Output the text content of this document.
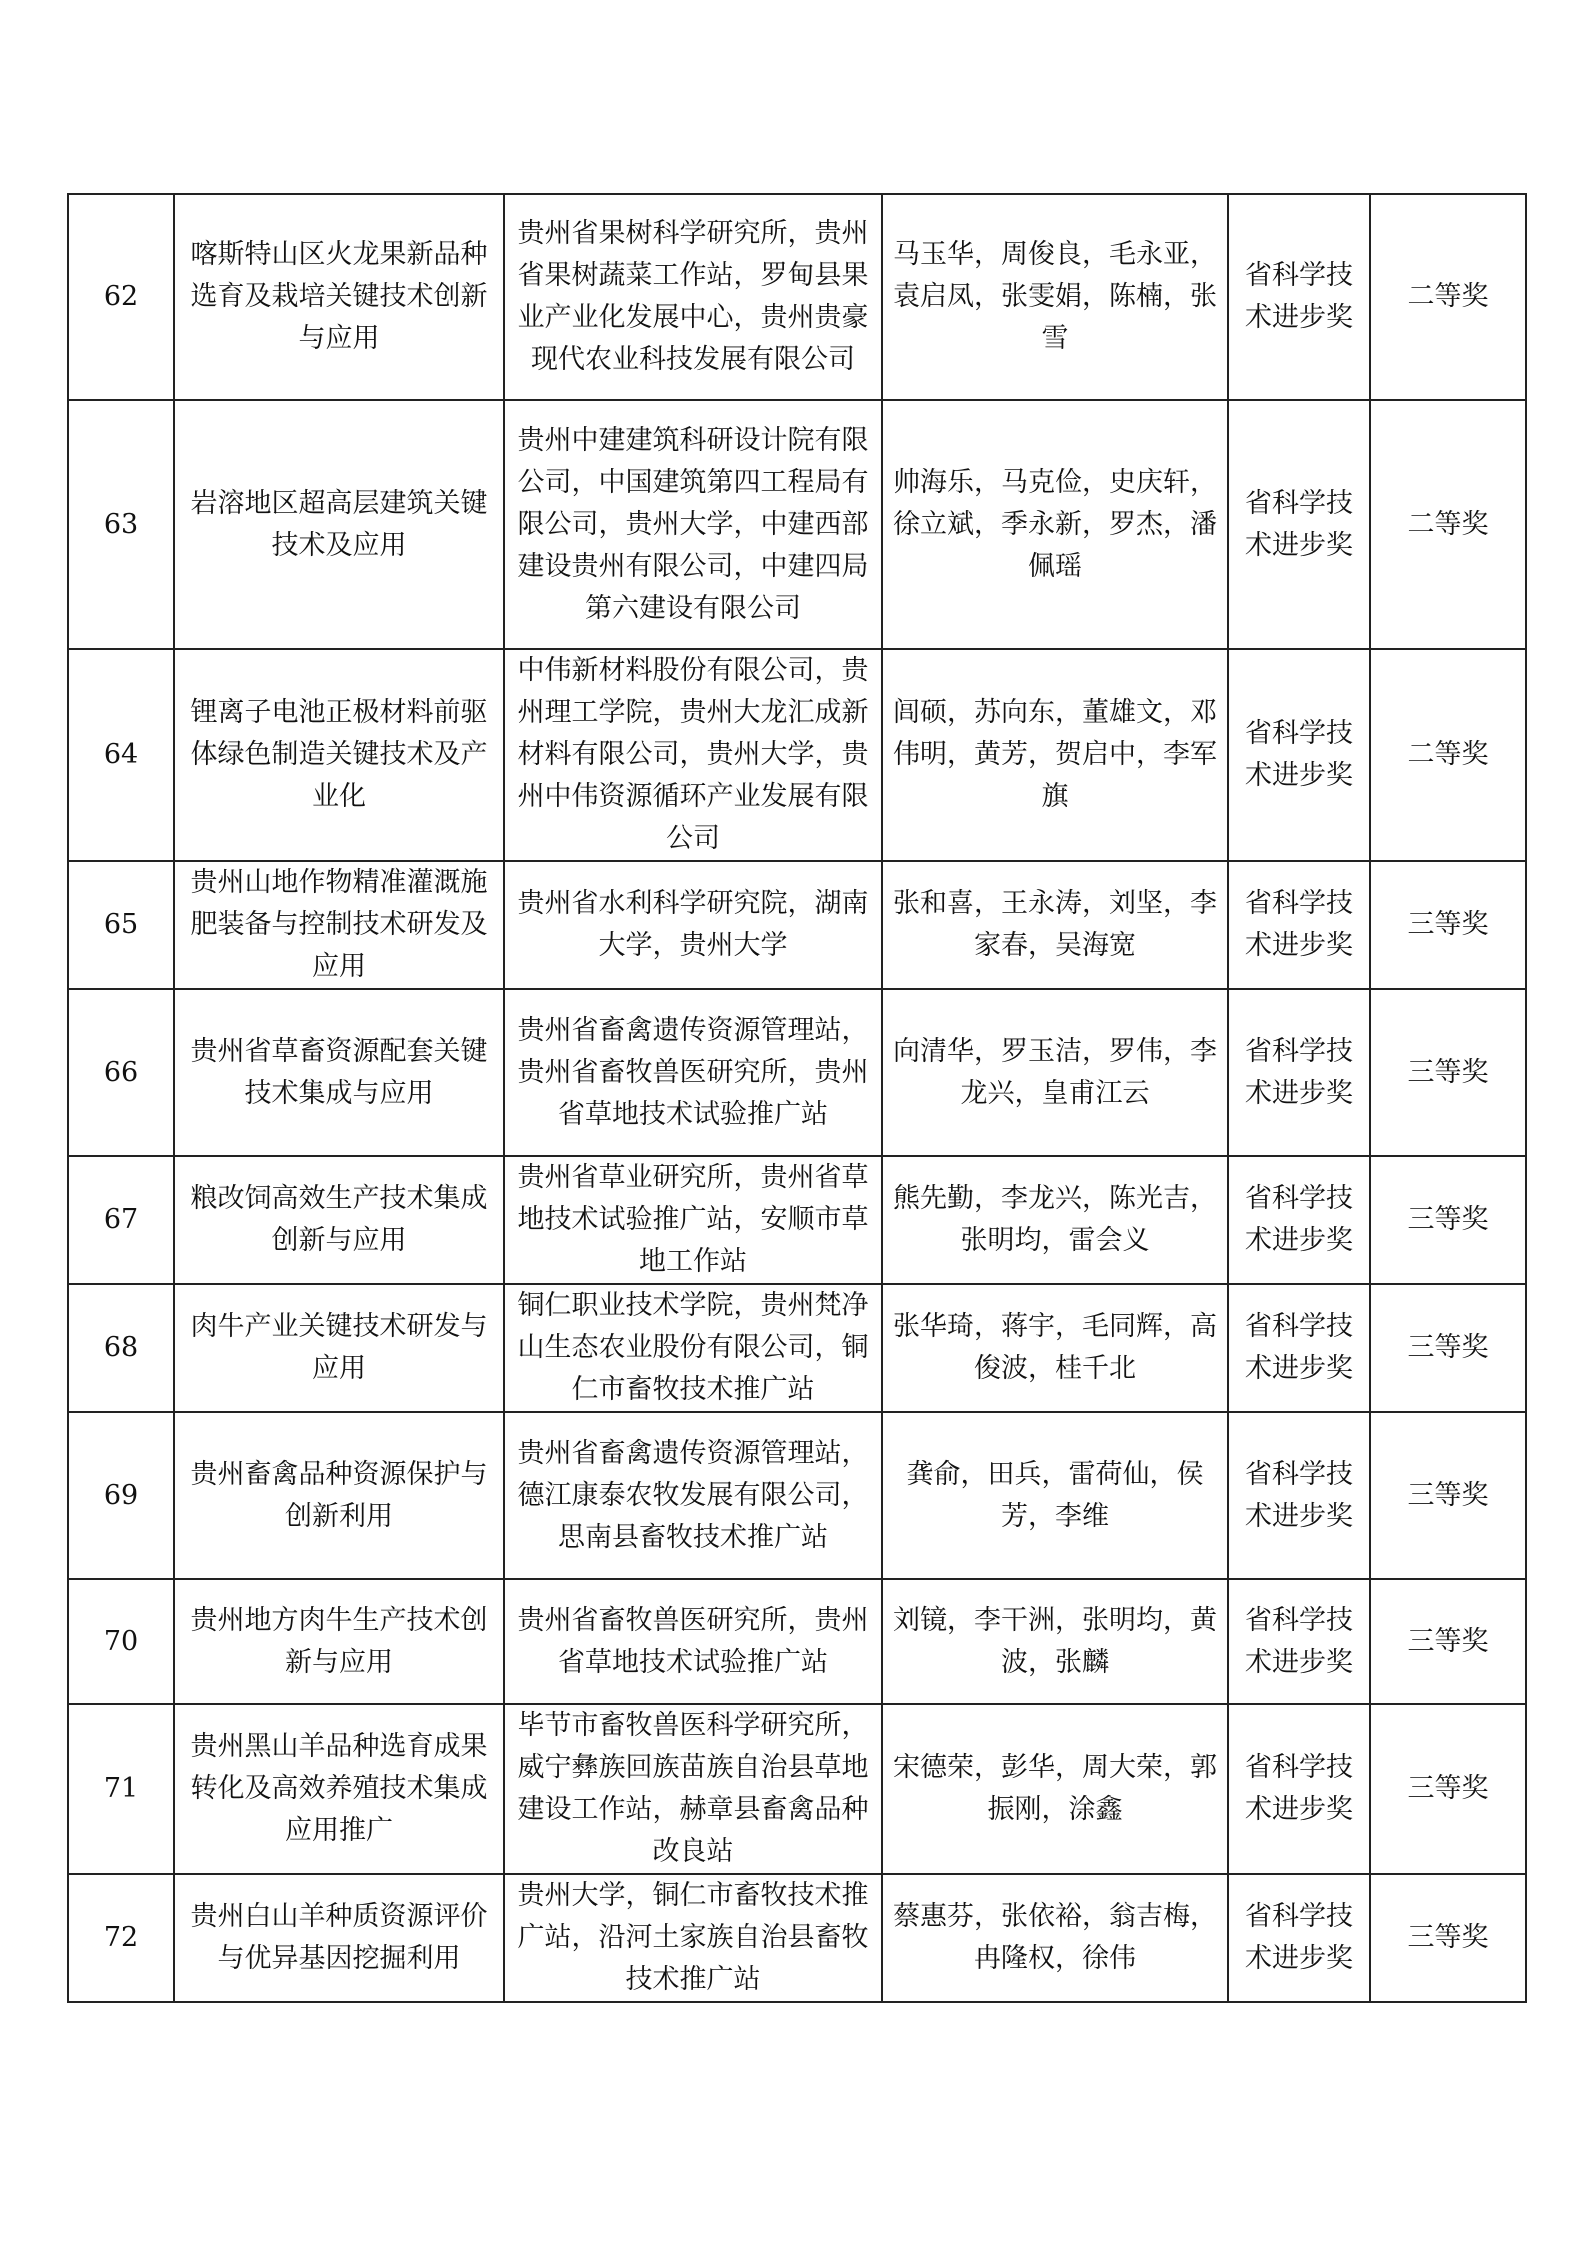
62	喀斯特山区火龙果新品种选育及栽培关键技术创新与应用	贵州省果树科学研究所，贵州省果树蔬菜工作站，罗甸县果业产业化发展中心，贵州贵豪现代农业科技发展有限公司	马玉华，周俊良，毛永亚，袁启凤，张雯娟，陈楠，张雪	省科学技术进步奖	二等奖
63	岩溶地区超高层建筑关键技术及应用	贵州中建建筑科研设计院有限公司，中国建筑第四工程局有限公司，贵州大学，中建西部建设贵州有限公司，中建四局第六建设有限公司	帅海乐，马克俭，史庆轩，徐立斌，季永新，罗杰，潘佩瑶	省科学技术进步奖	二等奖
64	锂离子电池正极材料前驱体绿色制造关键技术及产业化	中伟新材料股份有限公司，贵州理工学院，贵州大龙汇成新材料有限公司，贵州大学，贵州中伟资源循环产业发展有限公司	闾硕，苏向东，董雄文，邓伟明，黄芳，贺启中，李军旗	省科学技术进步奖	二等奖
65	贵州山地作物精准灌溉施肥装备与控制技术研发及应用	贵州省水利科学研究院，湖南大学，贵州大学	张和喜，王永涛，刘坚，李家春，吴海宽	省科学技术进步奖	三等奖
66	贵州省草畜资源配套关键技术集成与应用	贵州省畜禽遗传资源管理站，贵州省畜牧兽医研究所，贵州省草地技术试验推广站	向清华，罗玉洁，罗伟，李龙兴，皇甫江云	省科学技术进步奖	三等奖
67	粮改饲高效生产技术集成创新与应用	贵州省草业研究所，贵州省草地技术试验推广站，安顺市草地工作站	熊先勤，李龙兴，陈光吉，张明均，雷会义	省科学技术进步奖	三等奖
68	肉牛产业关键技术研发与应用	铜仁职业技术学院，贵州梵净山生态农业股份有限公司，铜仁市畜牧技术推广站	张华琦，蒋宇，毛同辉，高俊波，桂千北	省科学技术进步奖	三等奖
69	贵州畜禽品种资源保护与创新利用	贵州省畜禽遗传资源管理站，德江康泰农牧发展有限公司，思南县畜牧技术推广站	龚俞，田兵，雷荷仙，侯芳，李维	省科学技术进步奖	三等奖
70	贵州地方肉牛生产技术创新与应用	贵州省畜牧兽医研究所，贵州省草地技术试验推广站	刘镜，李干洲，张明均，黄波，张麟	省科学技术进步奖	三等奖
71	贵州黑山羊品种选育成果转化及高效养殖技术集成应用推广	毕节市畜牧兽医科学研究所，威宁彝族回族苗族自治县草地建设工作站，赫章县畜禽品种改良站	宋德荣，彭华，周大荣，郭振刚，涂鑫	省科学技术进步奖	三等奖
72	贵州白山羊种质资源评价与优异基因挖掘利用	贵州大学，铜仁市畜牧技术推广站，沿河土家族自治县畜牧技术推广站	蔡惠芬，张依裕，翁吉梅，冉隆权，徐伟	省科学技术进步奖	三等奖
